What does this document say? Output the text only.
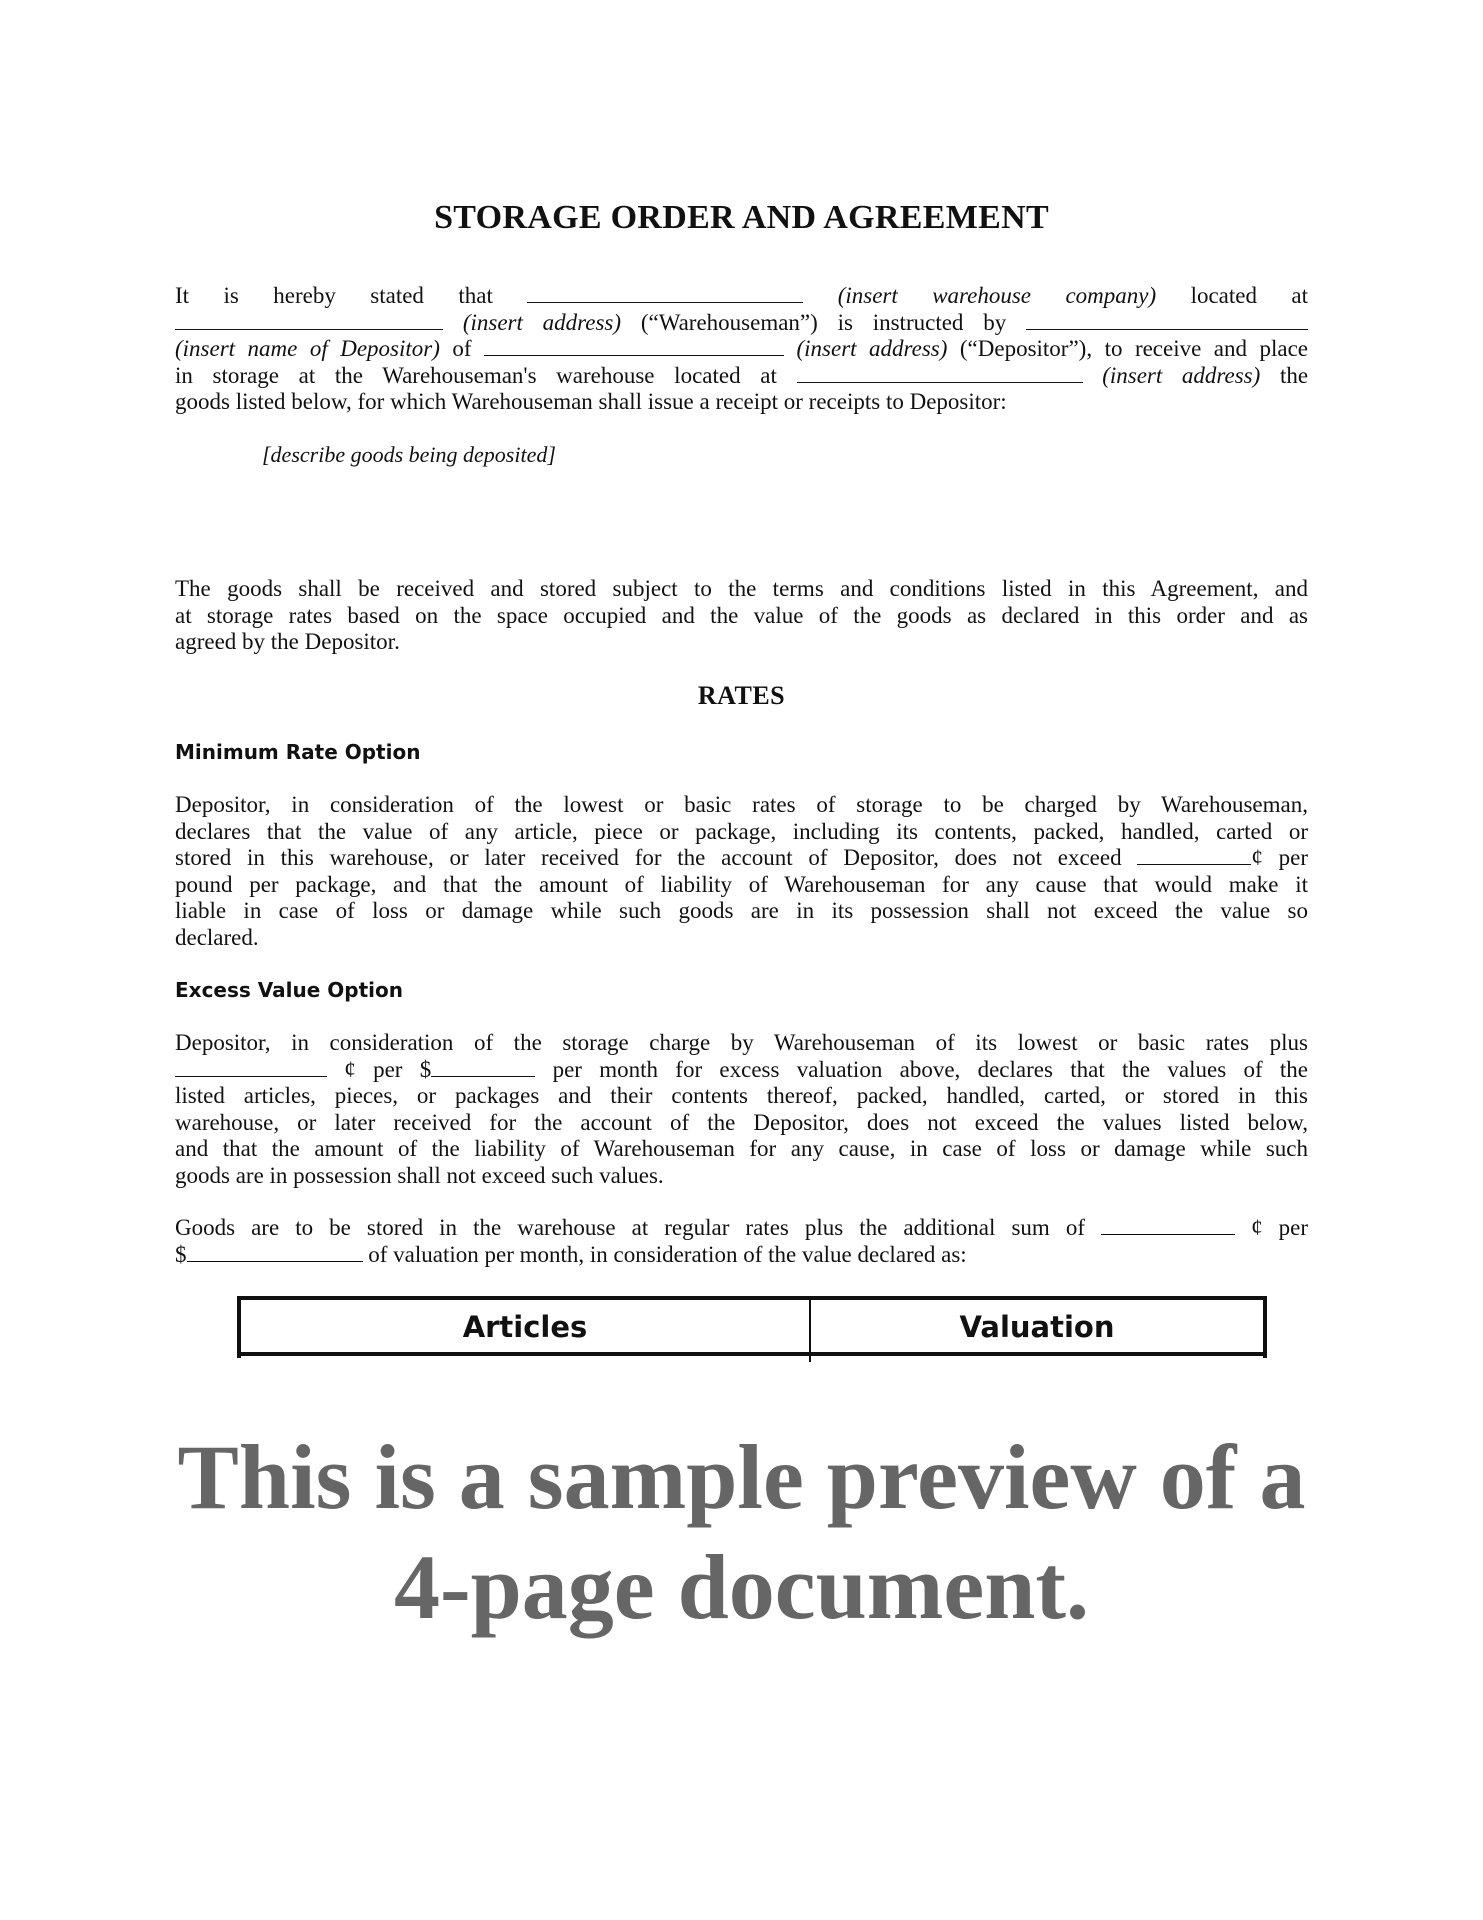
STORAGE ORDER AND AGREEMENT
It is hereby stated that	(insert warehouse company) located at
(insert address) (“Warehouseman”) is instructed by
(insert name of Depositor) of	(insert address) (“Depositor”), to receive and place
in storage at the Warehouseman's warehouse located at	(insert address) the
goods listed below, for which Warehouseman shall issue a receipt or receipts to Depositor:
[describe goods being deposited]
The goods shall be received and stored subject to the terms and conditions listed in this Agreement, and
at storage rates based on the space occupied and the value of the goods as declared in this order and as
agreed by the Depositor.
RATES
Minimum Rate Option
Depositor, in consideration of the lowest or basic rates of storage to be charged by Warehouseman,
declares that the value of any article, piece or package, including its contents, packed, handled, carted or
stored in this warehouse, or later received for the account of Depositor, does not exceed	¢ per
pound per package, and that the amount of liability of Warehouseman for any cause that would make it
liable in case of loss or damage while such goods are in its possession shall not exceed the value so
declared.
Excess Value Option
Depositor, in consideration of the storage charge by Warehouseman of its lowest or basic rates plus
¢ per $	per month for excess valuation above, declares that the values of the
listed articles, pieces, or packages and their contents thereof, packed, handled, carted, or stored in this
warehouse, or later received for the account of the Depositor, does not exceed the values listed below,
and that the amount of the liability of Warehouseman for any cause, in case of loss or damage while such
goods are in possession shall not exceed such values.
Goods are to be stored in the warehouse at regular rates plus the additional sum of	¢ per
$	of valuation per month, in consideration of the value declared as:
Articles	Valuation
This is a sample preview of a
4-page document.
